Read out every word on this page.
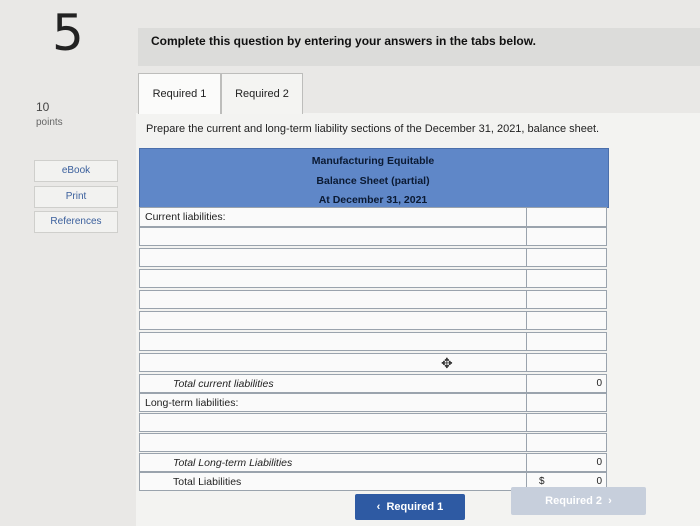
5
10
points
eBook
Print
References
Complete this question by entering your answers in the tabs below.
Required 1	Required 2
Prepare the current and long-term liability sections of the December 31, 2021, balance sheet.
Manufacturing Equitable
Balance Sheet (partial)
At December 31, 2021
Current liabilities:
Total current liabilities	0
Long-term liabilities:
Total Long-term Liabilities	0
Total Liabilities	$	0
✥
‹  Required 1	Required 2  ›
